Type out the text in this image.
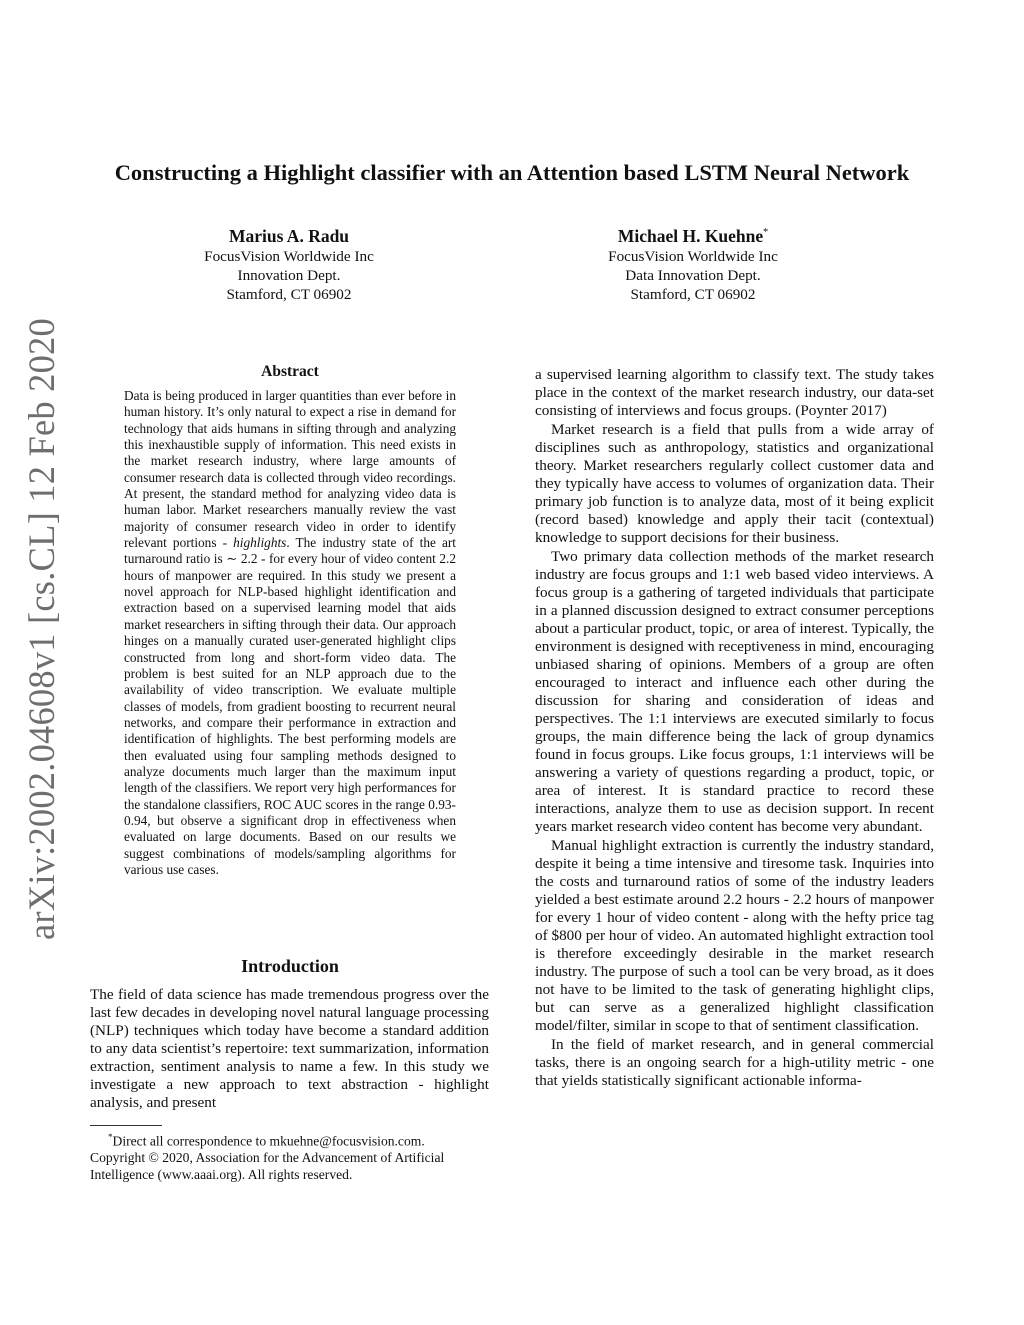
arXiv:2002.04608v1 [cs.CL] 12 Feb 2020
Constructing a Highlight classifier with an Attention based LSTM Neural Network
Marius A. Radu
FocusVision Worldwide Inc
Innovation Dept.
Stamford, CT 06902
Michael H. Kuehne*
FocusVision Worldwide Inc
Data Innovation Dept.
Stamford, CT 06902
Abstract
Data is being produced in larger quantities than ever before in human history. It’s only natural to expect a rise in demand for technology that aids humans in sifting through and analyzing this inexhaustible supply of information. This need exists in the market research industry, where large amounts of consumer research data is collected through video recordings. At present, the standard method for analyzing video data is human labor. Market researchers manually review the vast majority of consumer research video in order to identify relevant portions - highlights. The industry state of the art turnaround ratio is ∼ 2.2 - for every hour of video content 2.2 hours of manpower are required. In this study we present a novel approach for NLP-based highlight identification and extraction based on a supervised learning model that aids market researchers in sifting through their data. Our approach hinges on a manually curated user-generated highlight clips constructed from long and short-form video data. The problem is best suited for an NLP approach due to the availability of video transcription. We evaluate multiple classes of models, from gradient boosting to recurrent neural networks, and compare their performance in extraction and identification of highlights. The best performing models are then evaluated using four sampling methods designed to analyze documents much larger than the maximum input length of the classifiers. We report very high performances for the standalone classifiers, ROC AUC scores in the range 0.93-0.94, but observe a significant drop in effectiveness when evaluated on large documents. Based on our results we suggest combinations of models/sampling algorithms for various use cases.
Introduction

The field of data science has made tremendous progress over the last few decades in developing novel natural language processing (NLP) techniques which today have become a standard addition to any data scientist’s repertoire: text summarization, information extraction, sentiment analysis to name a few. In this study we investigate a new approach to text abstraction - highlight analysis, and present

*Direct all correspondence to mkuehne@focusvision.com.

Copyright © 2020, Association for the Advancement of Artificial Intelligence (www.aaai.org). All rights reserved.

a supervised learning algorithm to classify text. The study takes place in the context of the market research industry, our data-set consisting of interviews and focus groups. (Poynter 2017)

Market research is a field that pulls from a wide array of disciplines such as anthropology, statistics and organizational theory. Market researchers regularly collect customer data and they typically have access to volumes of organization data. Their primary job function is to analyze data, most of it being explicit (record based) knowledge and apply their tacit (contextual) knowledge to support decisions for their business.

Two primary data collection methods of the market research industry are focus groups and 1:1 web based video interviews. A focus group is a gathering of targeted individuals that participate in a planned discussion designed to extract consumer perceptions about a particular product, topic, or area of interest. Typically, the environment is designed with receptiveness in mind, encouraging unbiased sharing of opinions. Members of a group are often encouraged to interact and influence each other during the discussion for sharing and consideration of ideas and perspectives. The 1:1 interviews are executed similarly to focus groups, the main difference being the lack of group dynamics found in focus groups. Like focus groups, 1:1 interviews will be answering a variety of questions regarding a product, topic, or area of interest. It is standard practice to record these interactions, analyze them to use as decision support. In recent years market research video content has become very abundant.

Manual highlight extraction is currently the industry standard, despite it being a time intensive and tiresome task. Inquiries into the costs and turnaround ratios of some of the industry leaders yielded a best estimate around 2.2 hours - 2.2 hours of manpower for every 1 hour of video content - along with the hefty price tag of $800 per hour of video. An automated highlight extraction tool is therefore exceedingly desirable in the market research industry. The purpose of such a tool can be very broad, as it does not have to be limited to the task of generating highlight clips, but can serve as a generalized highlight classification model/filter, similar in scope to that of sentiment classification.

In the field of market research, and in general commercial tasks, there is an ongoing search for a high-utility metric - one that yields statistically significant actionable informa-
